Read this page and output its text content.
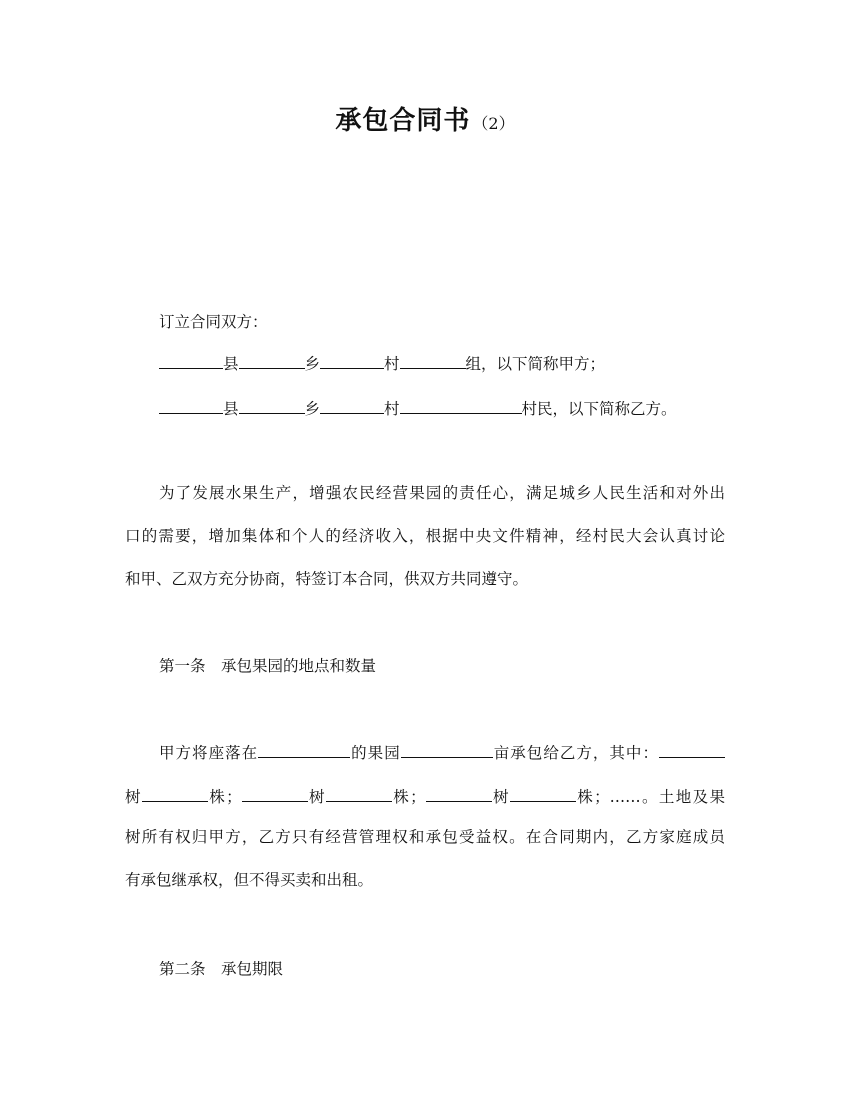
承包合同书 （2）
订立合同双方：
县	乡	村	组，以下简称甲方；
县	乡	村	村民，以下简称乙方。
为了发展水果生产，增强农民经营果园的责任心，满足城乡人民生活和对外出
口的需要，增加集体和个人的经济收入，根据中央文件精神，经村民大会认真讨论
和甲、乙双方充分协商，特签订本合同，供双方共同遵守。
第一条　承包果园的地点和数量
甲方将座落在	的果园	亩承包给乙方，其中：
树	株；	树	株；	树	株；……。土地及果
树所有权归甲方，乙方只有经营管理权和承包受益权。在合同期内，乙方家庭成员
有承包继承权，但不得买卖和出租。
第二条　承包期限
